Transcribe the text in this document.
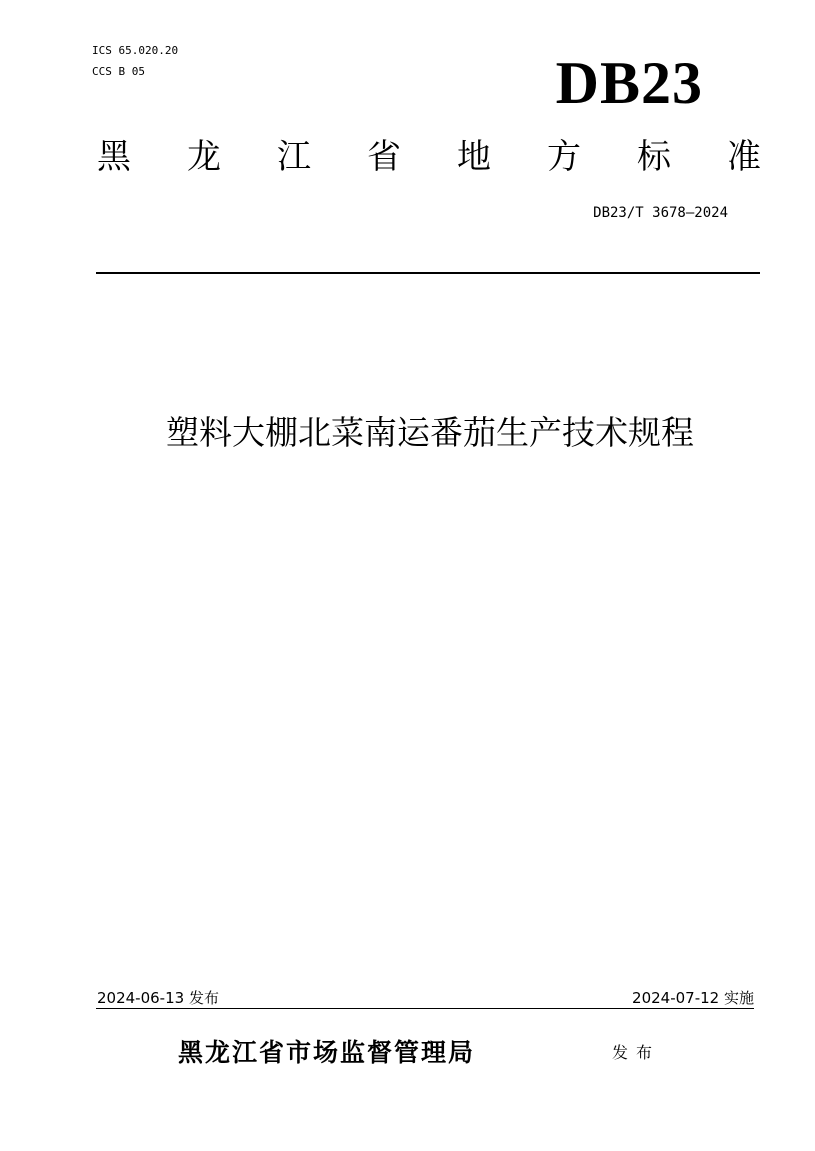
ICS 65.020.20
CCS B 05	DB23
黑 龙 江 省 地 方 标 准
DB23/T 3678—2024
塑料大棚北菜南运番茄生产技术规程
2024-06-13 发布	2024-07-12 实施
黑龙江省市场监督管理局	发布
